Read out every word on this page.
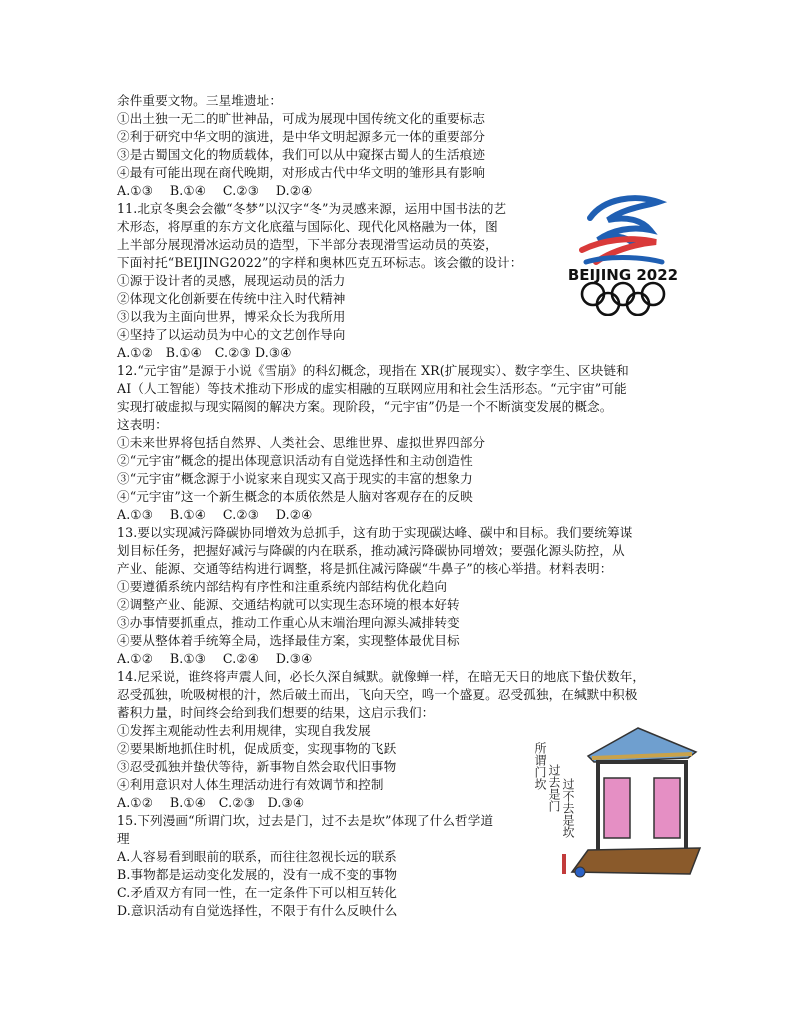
余件重要文物。三星堆遗址：
①出土独一无二的旷世神品，可成为展现中国传统文化的重要标志
②利于研究中华文明的演进，是中华文明起源多元一体的重要部分
③是古蜀国文化的物质载体，我们可以从中窥探古蜀人的生活痕迹
④最有可能出现在商代晚期，对形成古代中华文明的雏形具有影响
A.①③　 B.①④　 C.②③　 D.②④
11.北京冬奥会会徽“冬梦”以汉字“冬”为灵感来源，运用中国书法的艺
术形态，将厚重的东方文化底蕴与国际化、现代化风格融为一体，图
上半部分展现滑冰运动员的造型，下半部分表现滑雪运动员的英姿，
下面衬托“BEIJING2022”的字样和奥林匹克五环标志。该会徽的设计：
①源于设计者的灵感，展现运动员的活力
②体现文化创新要在传统中注入时代精神
③以我为主面向世界，博采众长为我所用
④坚持了以运动员为中心的文艺创作导向
A.①②　B.①④　C.②③ D.③④
12.“元宇宙”是源于小说《雪崩》的科幻概念，现指在 XR(扩展现实）、数字孪生、区块链和
AI（人工智能）等技术推动下形成的虚实相融的互联网应用和社会生活形态。“元宇宙”可能
实现打破虚拟与现实隔阂的解决方案。现阶段，“元宇宙”仍是一个不断演变发展的概念。
这表明：
①未来世界将包括自然界、人类社会、思维世界、虚拟世界四部分
②“元宇宙”概念的提出体现意识活动有自觉选择性和主动创造性
③“元宇宙”概念源于小说家来自现实又高于现实的丰富的想象力
④“元宇宙”这一个新生概念的本质依然是人脑对客观存在的反映
A.①③　 B.①④　 C.②③　 D.②④
13.要以实现减污降碳协同增效为总抓手，这有助于实现碳达峰、碳中和目标。我们要统筹谋
划目标任务，把握好减污与降碳的内在联系，推动减污降碳协同增效；要强化源头防控，从
产业、能源、交通等结构进行调整，将是抓住减污降碳“牛鼻子”的核心举措。材料表明：
①要遵循系统内部结构有序性和注重系统内部结构优化趋向
②调整产业、能源、交通结构就可以实现生态环境的根本好转
③办事情要抓重点，推动工作重心从末端治理向源头减排转变
④要从整体着手统筹全局，选择最佳方案，实现整体最优目标
A.①②　 B.①③　 C.②④　 D.③④
14.尼采说，谁终将声震人间，必长久深自缄默。就像蝉一样，在暗无天日的地底下蛰伏数年，
忍受孤独，吮吸树根的汁，然后破土而出，飞向天空，鸣一个盛夏。忍受孤独，在缄默中积极
蓄积力量，时间终会给到我们想要的结果，这启示我们：
①发挥主观能动性去利用规律，实现自我发展
②要果断地抓住时机，促成质变，实现事物的飞跃
③忍受孤独并蛰伏等待，新事物自然会取代旧事物
④利用意识对人体生理活动进行有效调节和控制
A.①②　 B.①④　C.②③　D.③④
15.下列漫画“所谓门坎，过去是门，过不去是坎”体现了什么哲学道
理
A.人容易看到眼前的联系，而往往忽视长远的联系
B.事物都是运动变化发展的，没有一成不变的事物
C.矛盾双方有同一性，在一定条件下可以相互转化
D.意识活动有自觉选择性，不限于有什么反映什么
BEIJING 2022
所谓门坎 过去是门 过不去是坎
